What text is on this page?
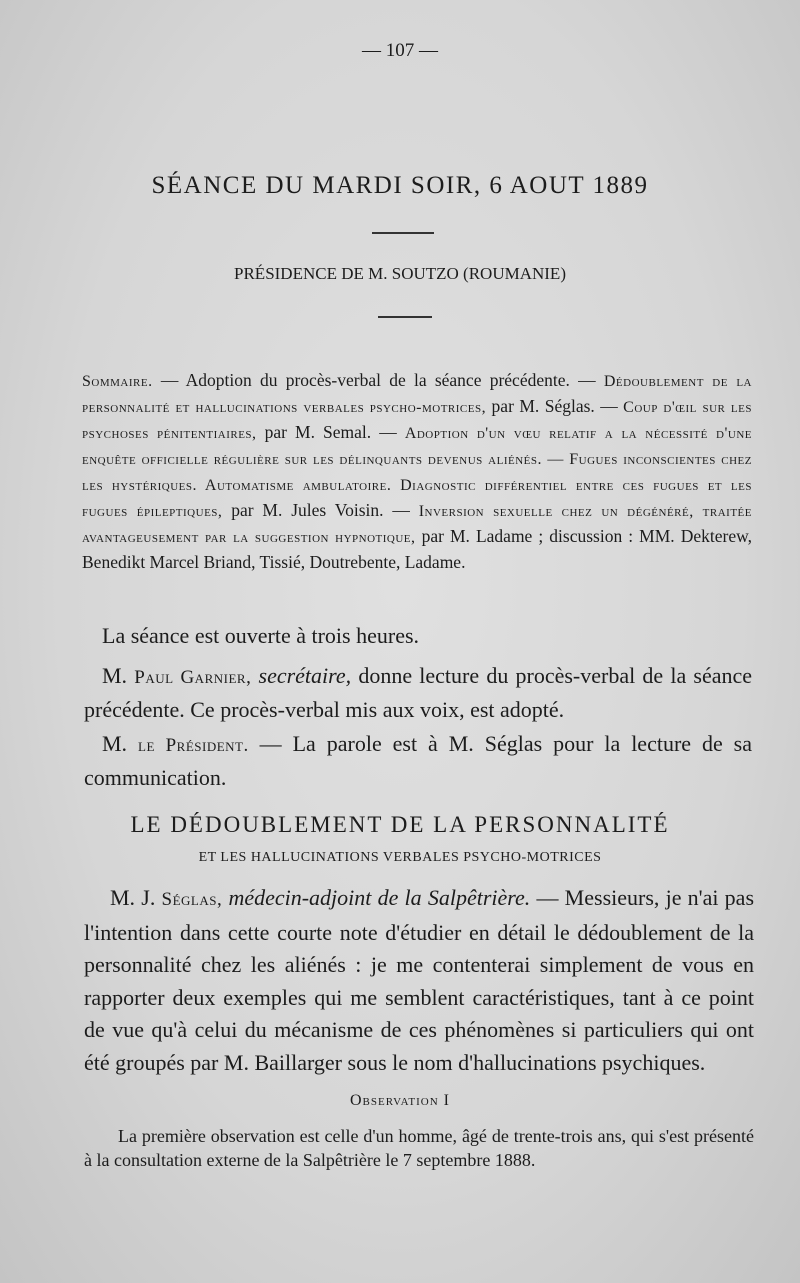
— 107 —
SÉANCE DU MARDI SOIR, 6 AOUT 1889
PRÉSIDENCE DE M. SOUTZO (ROUMANIE)

Sommaire. — Adoption du procès-verbal de la séance précédente. — Dédoublement de la personnalité et hallucinations verbales psycho-motrices, par M. Séglas. — Coup d'œil sur les psychoses pénitentiaires, par M. Semal. — Adoption d'un vœu relatif a la nécessité d'une enquête officielle régulière sur les délinquants devenus aliénés. — Fugues inconscientes chez les hystériques. Automatisme ambulatoire. Diagnostic différentiel entre ces fugues et les fugues épileptiques, par M. Jules Voisin. — Inversion sexuelle chez un dégénéré, traitée avantageusement par la suggestion hypnotique, par M. Ladame ; discussion : MM. Dekterew, Benedikt Marcel Briand, Tissié, Doutrebente, Ladame.

La séance est ouverte à trois heures.

M. Paul Garnier, secrétaire, donne lecture du procès-verbal de la séance précédente. Ce procès-verbal mis aux voix, est adopté.

M. le Président. — La parole est à M. Séglas pour la lecture de sa communication.

LE DÉDOUBLEMENT DE LA PERSONNALITÉ
ET LES HALLUCINATIONS VERBALES PSYCHO-MOTRICES

M. J. Séglas, médecin-adjoint de la Salpêtrière. — Messieurs, je n'ai pas l'intention dans cette courte note d'étudier en détail le dédoublement de la personnalité chez les aliénés : je me contenterai simplement de vous en rapporter deux exemples qui me semblent caractéristiques, tant à ce point de vue qu'à celui du mécanisme de ces phénomènes si particuliers qui ont été groupés par M. Baillarger sous le nom d'hallucinations psychiques.

Observation I

La première observation est celle d'un homme, âgé de trente-trois ans, qui s'est présenté à la consultation externe de la Salpêtrière le 7 septembre 1888.
